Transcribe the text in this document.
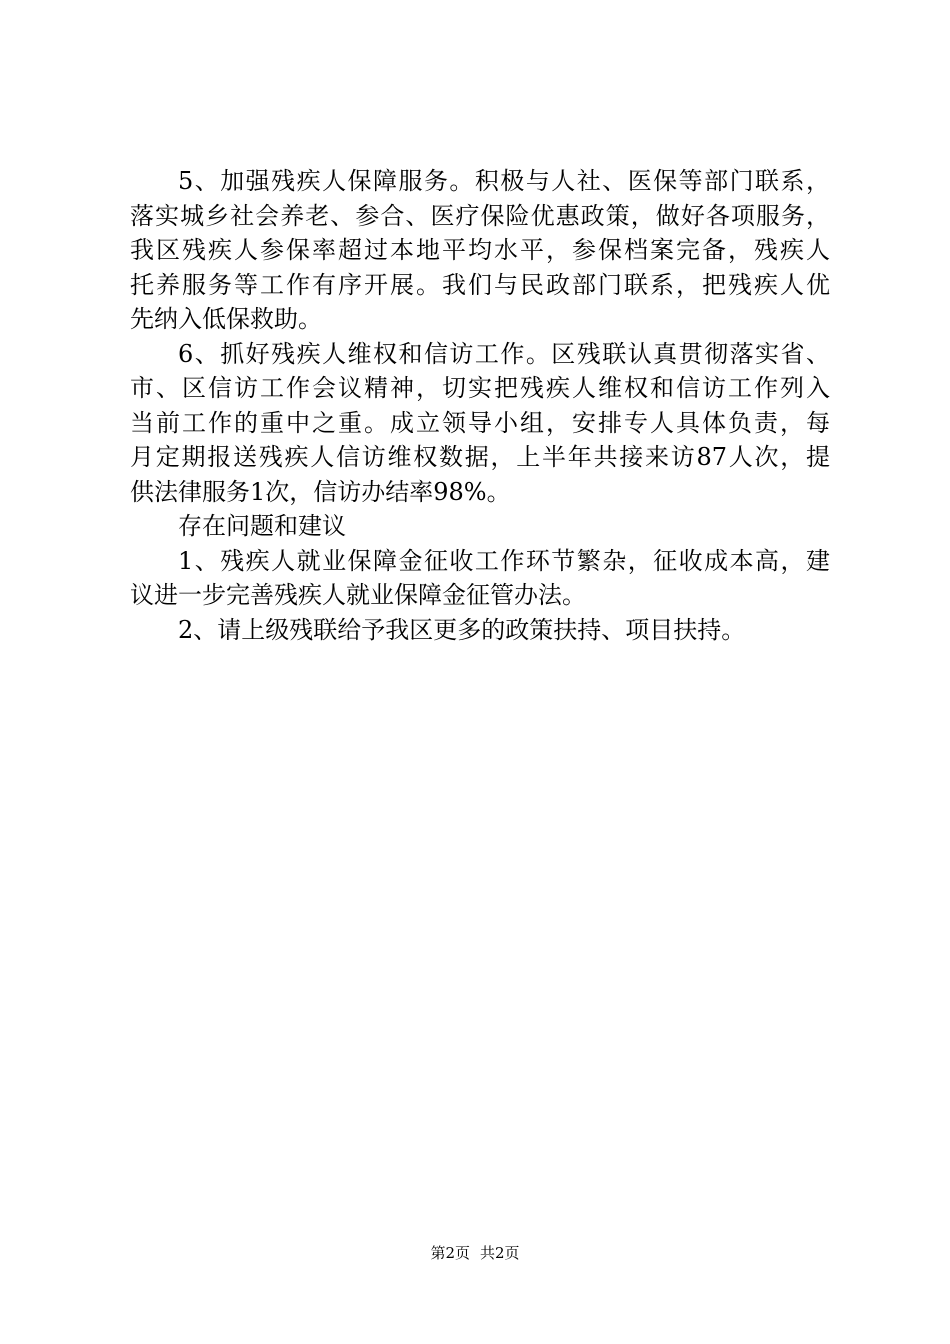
5、加强残疾人保障服务。积极与人社、医保等部门联系，
落实城乡社会养老、参合、医疗保险优惠政策，做好各项服务，
我区残疾人参保率超过本地平均水平，参保档案完备，残疾人
托养服务等工作有序开展。我们与民政部门联系，把残疾人优
先纳入低保救助。
6、抓好残疾人维权和信访工作。区残联认真贯彻落实省、
市、区信访工作会议精神，切实把残疾人维权和信访工作列入
当前工作的重中之重。成立领导小组，安排专人具体负责，每
月定期报送残疾人信访维权数据，上半年共接来访87人次，提
供法律服务1次，信访办结率98%。
存在问题和建议
1、残疾人就业保障金征收工作环节繁杂，征收成本高，建
议进一步完善残疾人就业保障金征管办法。
2、请上级残联给予我区更多的政策扶持、项目扶持。
第2页 共2页
